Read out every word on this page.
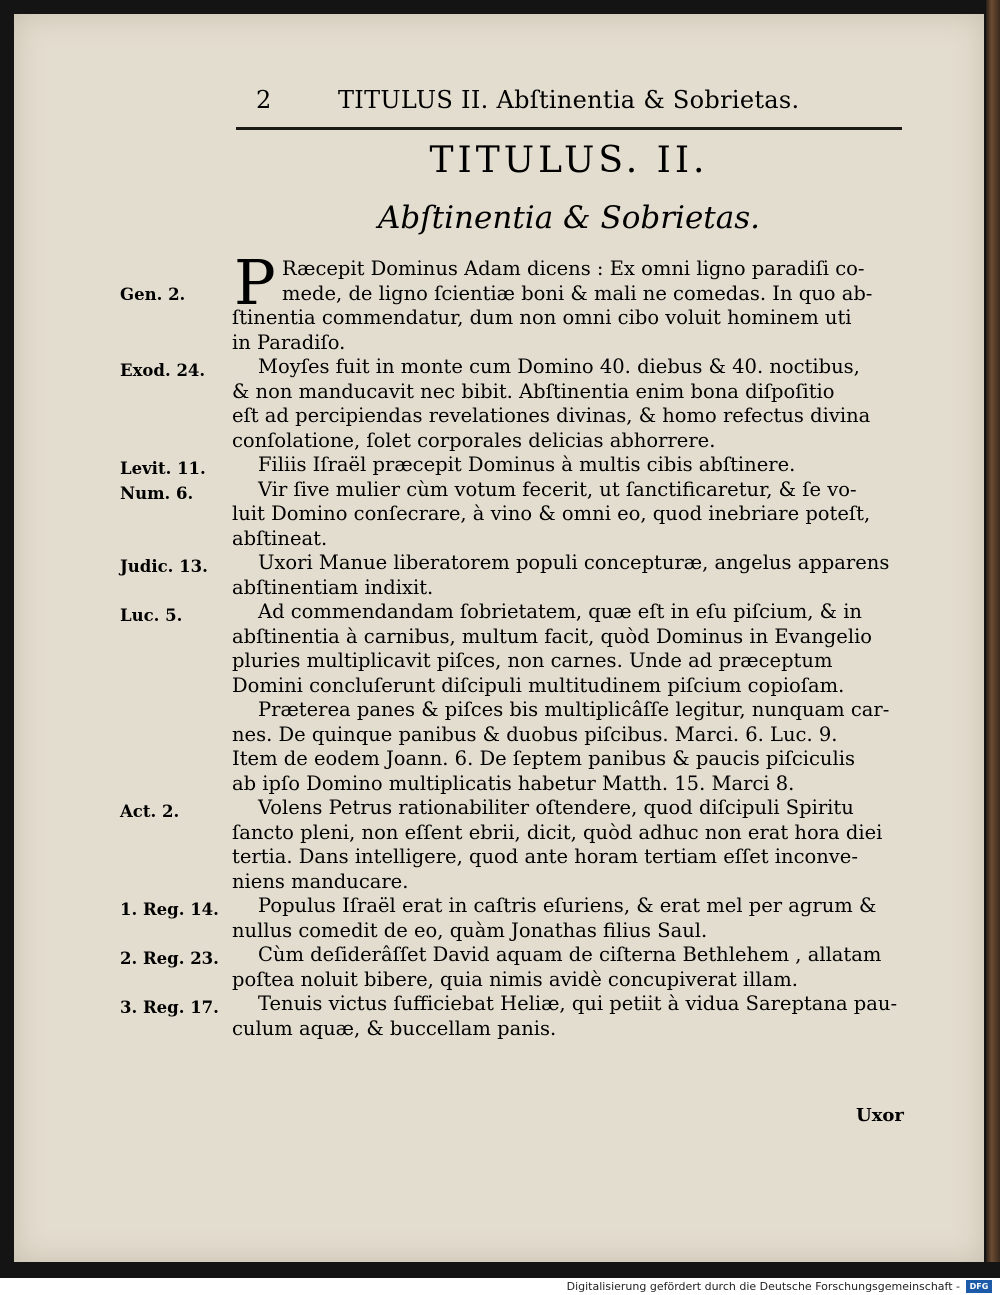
2	TITULUS II. Abſtinentia & Sobrietas.
TITULUS. II.
Abſtinentia & Sobrietas.
P Ræcepit Dominus Adam dicens : Ex omni ligno paradiſi co-
mede, de ligno ſcientiæ boni & mali ne comedas. In quo ab-
ſtinentia commendatur, dum non omni cibo voluit hominem uti
in Paradiſo.
Gen. 2.
Moyſes fuit in monte cum Domino 40. diebus & 40. noctibus,
& non manducavit nec bibit. Abſtinentia enim bona diſpoſitio
eſt ad percipiendas revelationes divinas, & homo refectus divina
conſolatione, ſolet corporales delicias abhorrere.
Exod. 24.
Filiis Iſraël præcepit Dominus à multis cibis abſtinere.
Levit. 11.
Vir ſive mulier cùm votum fecerit, ut ſanctificaretur, & ſe vo-
luit Domino conſecrare, à vino & omni eo, quod inebriare poteſt,
abſtineat.
Num. 6.
Uxori Manue liberatorem populi concepturæ, angelus apparens
abſtinentiam indixit.
Judic. 13.
Ad commendandam ſobrietatem, quæ eſt in eſu piſcium, & in
abſtinentia à carnibus, multum facit, quòd Dominus in Evangelio
pluries multiplicavit piſces, non carnes. Unde ad præceptum
Domini concluſerunt diſcipuli multitudinem piſcium copioſam.
Luc. 5.
Præterea panes & piſces bis multiplicâſſe legitur, nunquam car-
nes. De quinque panibus & duobus piſcibus. Marci. 6. Luc. 9.
Item de eodem Joann. 6. De ſeptem panibus & paucis piſciculis
ab ipſo Domino multiplicatis habetur Matth. 15. Marci 8.
Volens Petrus rationabiliter oſtendere, quod diſcipuli Spiritu
ſancto pleni, non eſſent ebrii, dicit, quòd adhuc non erat hora diei
tertia. Dans intelligere, quod ante horam tertiam eſſet inconve-
niens manducare.
Act. 2.
Populus Iſraël erat in caſtris eſuriens, & erat mel per agrum &
nullus comedit de eo, quàm Jonathas filius Saul.
1. Reg. 14.
Cùm deſiderâſſet David aquam de ciſterna Bethlehem , allatam
poſtea noluit bibere, quia nimis avidè concupiverat illam.
2. Reg. 23.
Tenuis victus ſufficiebat Heliæ, qui petiit à vidua Sareptana pau-
culum aquæ, & buccellam panis.
3. Reg. 17.
Uxor
Digitalisierung gefördert durch die Deutsche Forschungsgemeinschaft -	DFG
